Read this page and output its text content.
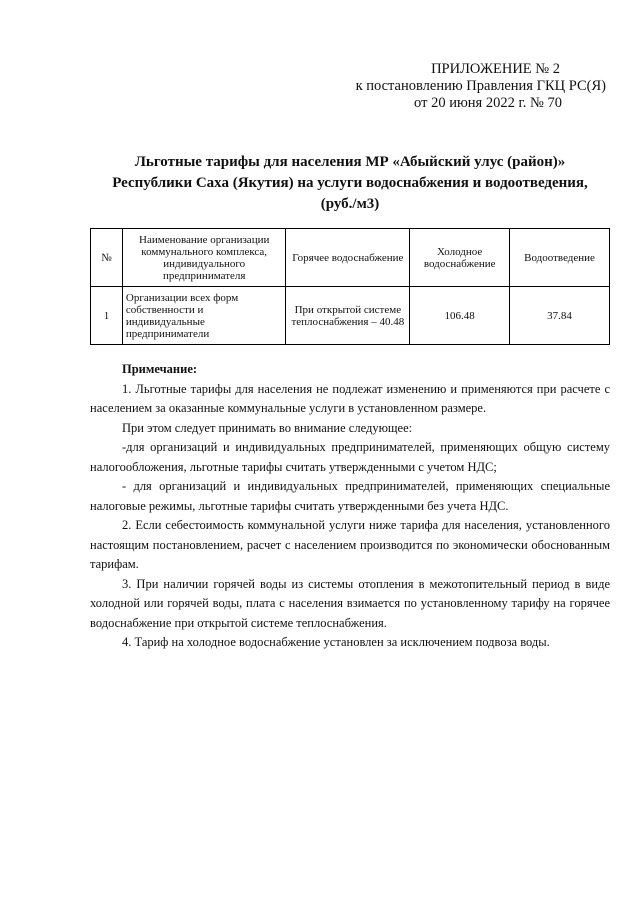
ПРИЛОЖЕНИЕ № 2
к постановлению Правления ГКЦ РС(Я)
от 20 июня 2022 г. № 70
Льготные тарифы для населения МР «Абыйский улус (район)»
Республики Саха (Якутия) на услуги водоснабжения и водоотведения,
(руб./м3)
№	Наименование организации коммунального комплекса, индивидуального предпринимателя	Горячее водоснабжение	Холодное водоснабжение	Водоотведение
1	Организации всех форм собственности и индивидуальные предприниматели	При открытой системе теплоснабжения – 40.48	106.48	37.84

Примечание:

1. Льготные тарифы для населения не подлежат изменению и применяются при расчете с населением за оказанные коммунальные услуги в установленном размере.

При этом следует принимать во внимание следующее:

-для организаций и индивидуальных предпринимателей, применяющих общую систему налогообложения, льготные тарифы считать утвержденными с учетом НДС;

- для организаций и индивидуальных предпринимателей, применяющих специальные налоговые режимы, льготные тарифы считать утвержденными без учета НДС.

2. Если себестоимость коммунальной услуги ниже тарифа для населения, установленного настоящим постановлением, расчет с населением производится по экономически обоснованным тарифам.

3. При наличии горячей воды из системы отопления в межотопительный период в виде холодной или горячей воды, плата с населения взимается по установленному тарифу на горячее водоснабжение при открытой системе теплоснабжения.

4. Тариф на холодное водоснабжение установлен за исключением подвоза воды.
